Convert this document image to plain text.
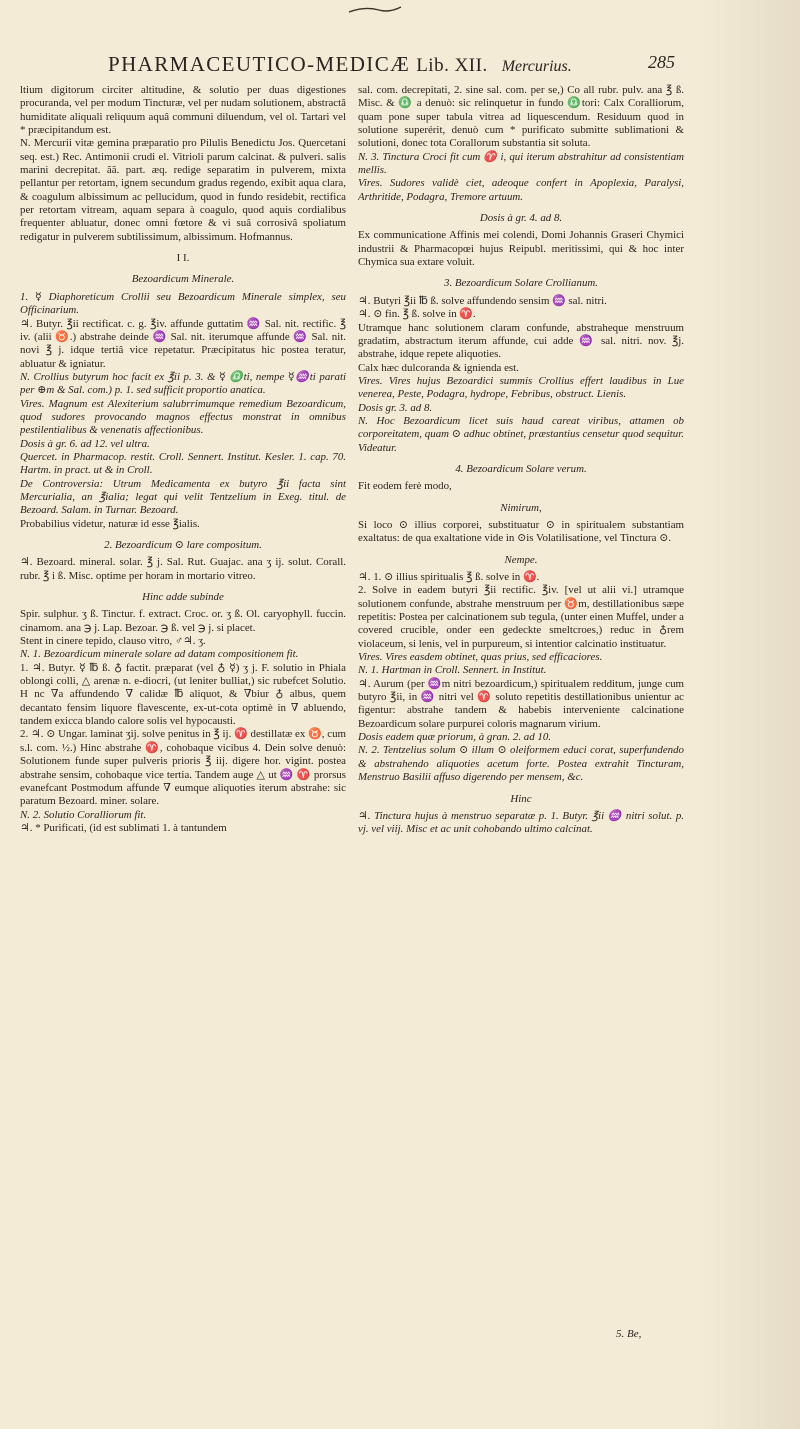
PHARMACEUTICO-MEDICÆ Lib. XII. Mercurius.	285

ltium digitorum circiter altitudine, & solutio per duas digestiones procuranda, vel per modum Tincturæ, vel per nudam solutionem, abstractâ humiditate aliquali reliquum aquâ communi diluendum, vel ol. Tartari vel * præcipitandum est.

N. Mercurii vitæ gemina præparatio pro Pilulis Benedictu Jos. Quercetani seq. est.) Rec. Antimonii crudi el. Vitrioli parum calcinat. & pulveri. salis marini decrepitat. ãã. part. æq. redige separatim in pulverem, mixta pellantur per retortam, ignem secundum gradus regendo, exibit aqua clara, & coagulum albissimum ac pellucidum, quod in fundo residebit, rectifica per retortam vitream, aquam separa à coagulo, quod aquis cordialibus frequenter abluatur, donec omni fœtore & vi suâ corrosivâ spoliatum redigatur in pulverem subtilissimum, albissimum. Hofmannus.

I I.

Bezoardicum Minerale.

1. ☿ Diaphoreticum Crollii seu Bezoardicum Minerale simplex, seu Officinarium.

♃. Butyr. ℥ii rectificat. c. g. ℥iv. affunde guttatim ♒ Sal. nit. rectific. ℥ iv. (alii ♉.) abstrahe deinde ♒ Sal. nit. iterumque affunde ♒ Sal. nit. novi ℥ j. idque tertiâ vice repetatur. Præcipitatus hic postea teratur, abluatur & igniatur.

N. Crollius butyrum hoc facit ex ℥ii p. 3. & ☿ ♎ti, nempe ☿♒ti parati per ⊕m & Sal. com.) p. 1. sed sufficit proportio anatica.

Vires. Magnum est Alexiterium salubrrimumque remedium Bezoardicum, quod sudores provocando magnos effectus monstrat in omnibus pestilentialibus & venenatis affectionibus.

Dosis à gr. 6. ad 12. vel ultra.

Quercet. in Pharmacop. restit. Croll. Sennert. Institut. Kesler. 1. cap. 70. Hartm. in pract. ut & in Croll.

De Controversia: Utrum Medicamenta ex butyro ℥ii facta sint Mercurialia, an ℥ialia; legat qui velit Tentzelium in Exeg. titul. de Bezoard. Salam. in Turnar. Bezoard.

Probabilius videtur, naturæ id esse ℥ialis.

2. Bezoardicum ⊙ lare compositum.

♃. Bezoard. mineral. solar. ℥ j. Sal. Rut. Guajac. ana ʒ ij. solut. Corall. rubr. ℥ i ß. Misc. optime per horam in mortario vitreo.

Hinc adde subinde

Spir. sulphur. ʒ ß. Tinctur. f. extract. Croc. or. ʒ ß. Ol. caryophyll. fuccin. cinamom. ana ℈ j. Lap. Bezoar. ℈ ß. vel ℈ j. si placet.

Stent in cinere tepido, clauso vitro, ♂♃. ʒ.

N. 1. Bezoardicum minerale solare ad datam compositionem fit.

1. ♃. Butyr. ☿ ℔ ß. ♁ factit. præparat (vel ♁ ☿) ʒ j. F. solutio in Phiala oblongi colli, △ arenæ n. e-diocri, (ut leniter bulliat,) sic rubefcet Solutio. H nc ∇a affundendo ∇ calidæ ℔ aliquot, & ∇biur ♁ albus, quem decantato fensim liquore flavescente, ex-ut-cota optimè in ∇ abluendo, tandem exicca blando calore solis vel hypocausti.

2. ♃. ⊙ Ungar. laminat ʒij. solve penitus in ℥ ij. ♈ destillatæ ex ♉, cum s.l. com. ½.) Hinc abstrahe ♈, cohobaque vicibus 4. Dein solve denuò: Solutionem funde super pulveris prioris ℥ iij. digere hor. vigint. postea abstrahe sensim, cohobaque vice tertia. Tandem auge △ ut ♒ ♈ prorsus evanefcant Postmodum affunde ∇ eumque aliquoties iterum abstrahe: sic paratum Bezoard. miner. solare.

N. 2. Solutio Coralliorum fit.

♃. * Purificati, (id est sublimati 1. à tantundem

sal. com. decrepitati, 2. sine sal. com. per se,) Co all rubr. pulv. ana ℥ ß. Misc. & ♎ a denuò: sic relinquetur in fundo ♎tori: Calx Coralliorum, quam pone super tabula vitrea ad liquescendum. Residuum quod in solutione superérit, denuò cum * purificato submitte sublimationi & solutioni, donec tota Corallorum substantia sit soluta.

N. 3. Tinctura Croci fit cum ♈ i, qui iterum abstrahitur ad consistentiam mellis.

Vires. Sudores validè ciet, adeoque confert in Apoplexia, Paralysi, Arthritide, Podagra, Tremore artuum.

Dosis à gr. 4. ad 8.

Ex communicatione Affinis mei colendi, Domi Johannis Graseri Chymici industrii & Pharmacopœi hujus Reipubl. meritissimi, qui & hoc inter Chymica sua extare voluit.

3. Bezoardicum Solare Crollianum.

♃. Butyri ℥ii ℔ ß. solve affundendo sensim ♒ sal. nitri.

♃. ⊙ fin. ℥ ß. solve in ♈.

Utramque hanc solutionem claram confunde, abstraheque menstruum gradatim, abstractum iterum affunde, cui adde ♒ sal. nitri. nov. ℥j. abstrahe, idque repete aliquoties.

Calx hæc dulcoranda & ignienda est.

Vires. Vires hujus Bezoardici summis Crollius effert laudibus in Lue venerea, Peste, Podagra, hydrope, Febribus, obstruct. Lienis.

Dosis gr. 3. ad 8.

N. Hoc Bezoardicum licet suis haud careat viribus, attamen ob corporeitatem, quam ⊙ adhuc obtinet, præstantius censetur quod sequitur. Videatur.

4. Bezoardicum Solare verum.

Fit eodem ferè modo,

Nimirum,

Si loco ⊙ illius corporei, substituatur ⊙ in spiritualem substantiam exaltatus: de qua exaltatione vide in ⊙is Volatilisatione, vel Tinctura ⊙.

Nempe.

♃. 1. ⊙ illius spiritualis ℥ ß. solve in ♈.

2. Solve in eadem butyri ℥ii rectific. ℥iv. [vel ut alii vi.] utramque solutionem confunde, abstrahe menstruum per ♉m, destillationibus sæpe repetitis: Postea per calcinationem sub tegula, (unter einen Muffel, under a covered crucible, onder een gedeckte smeltcroes,) reduc in ♁rem violaceum, si lenis, vel in purpureum, si intentior calcinatio instituatur.

Vires. Vires easdem obtinet, quas prius, sed efficaciores.

N. 1. Hartman in Croll. Sennert. in Institut.

♃. Aurum (per ♒m nitri bezoardicum,) spiritualem redditum, junge cum butyro ℥ii, in ♒ nitri vel ♈ soluto repetitis destillationibus unientur ac figentur: abstrahe tandem & habebis interveniente calcinatione Bezoardicum solare purpurei coloris magnarum virium.

Dosis eadem quæ priorum, à gran. 2. ad 10.

N. 2. Tentzelius solum ⊙ illum ⊙ oleiformem educi corat, superfundendo & abstrahendo aliquoties acetum forte. Postea extrahit Tincturam, Menstruo Basilii affuso digerendo per mensem, &c.

Hinc

♃. Tinctura hujus à menstruo separatæ p. 1. Butyr. ℥ii ♒ nitri solut. p. vj. vel viij. Misc et ac unit cohobando ultimo calcinat.

5. Be,
